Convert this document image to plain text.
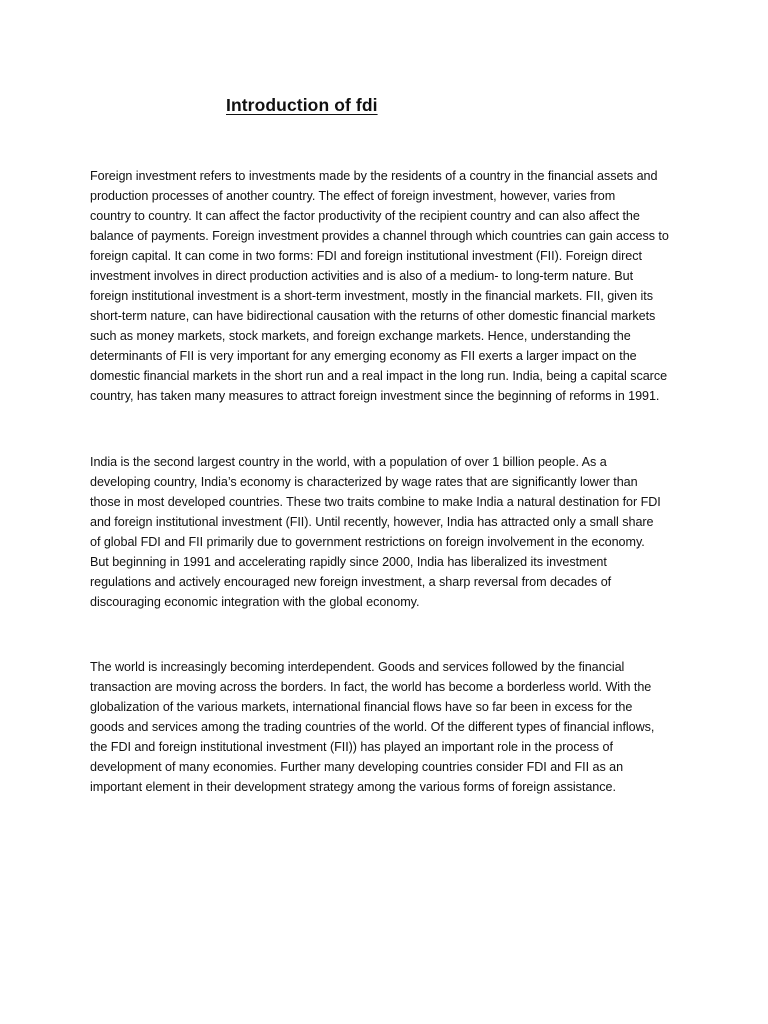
Introduction of fdi

Foreign investment refers to investments made by the residents of a country in the financial assets and
production processes of another country. The effect of foreign investment, however, varies from
country to country. It can affect the factor productivity of the recipient country and can also affect the
balance of payments. Foreign investment provides a channel through which countries can gain access to
foreign capital. It can come in two forms: FDI and foreign institutional investment (FII). Foreign direct
investment involves in direct production activities and is also of a medium- to long-term nature. But
foreign institutional investment is a short-term investment, mostly in the financial markets. FII, given its
short-term nature, can have bidirectional causation with the returns of other domestic financial markets
such as money markets, stock markets, and foreign exchange markets. Hence, understanding the
determinants of FII is very important for any emerging economy as FII exerts a larger impact on the
domestic financial markets in the short run and a real impact in the long run. India, being a capital scarce
country, has taken many measures to attract foreign investment since the beginning of reforms in 1991.

India is the second largest country in the world, with a population of over 1 billion people. As a
developing country, India’s economy is characterized by wage rates that are significantly lower than
those in most developed countries. These two traits combine to make India a natural destination for FDI
and foreign institutional investment (FII). Until recently, however, India has attracted only a small share
of global FDI and FII primarily due to government restrictions on foreign involvement in the economy.
But beginning in 1991 and accelerating rapidly since 2000, India has liberalized its investment
regulations and actively encouraged new foreign investment, a sharp reversal from decades of
discouraging economic integration with the global economy.

The world is increasingly becoming interdependent. Goods and services followed by the financial
transaction are moving across the borders. In fact, the world has become a borderless world. With the
globalization of the various markets, international financial flows have so far been in excess for the
goods and services among the trading countries of the world. Of the different types of financial inflows,
the FDI and foreign institutional investment (FII)) has played an important role in the process of
development of many economies. Further many developing countries consider FDI and FII as an
important element in their development strategy among the various forms of foreign assistance.
